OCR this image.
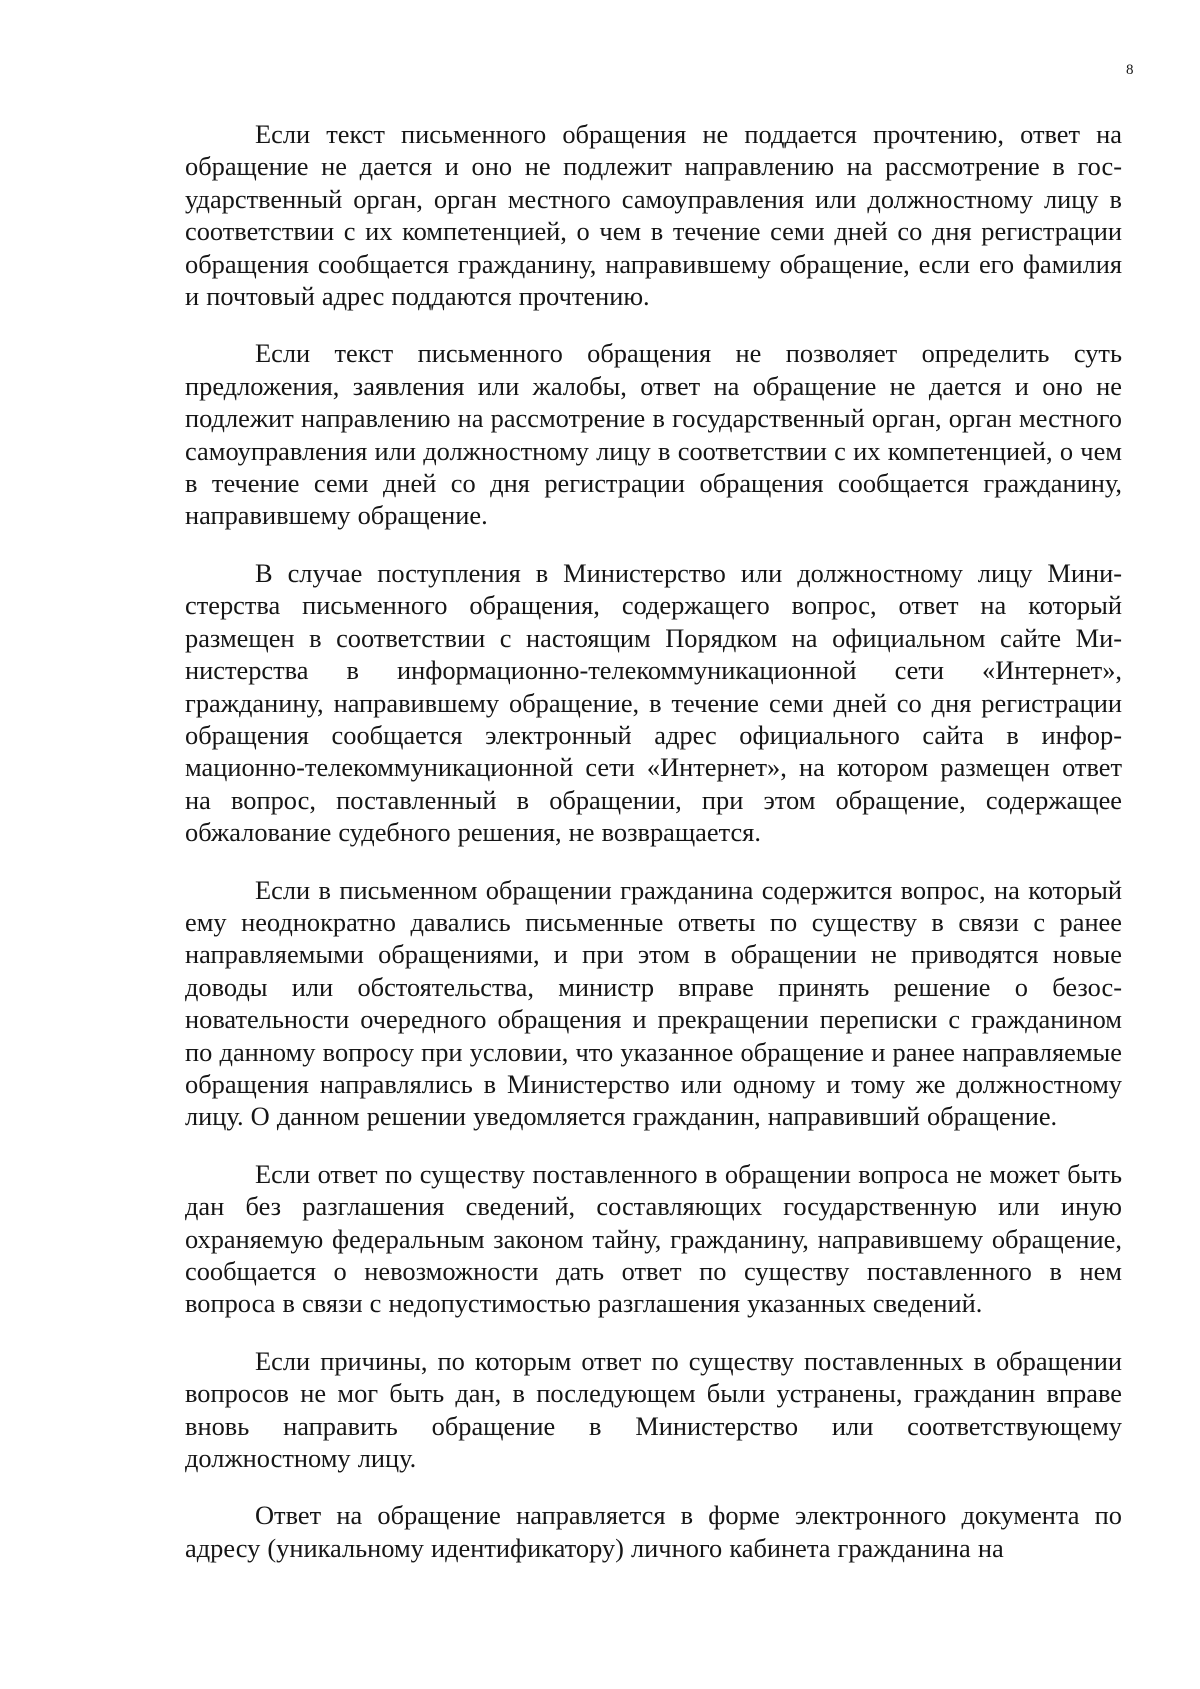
8

Если текст письменного обращения не поддается прочтению, ответ на обращение не дается и оно не подлежит направлению на рассмотрение в государственный орган, орган местного самоуправления или должностному лицу в соответствии с их компетенцией, о чем в течение семи дней со дня регистрации обращения сообщается гражданину, направившему обращение, если его фамилия и почтовый адрес поддаются прочтению.

Если текст письменного обращения не позволяет определить суть предложения, заявления или жалобы, ответ на обращение не дается и оно не подлежит направлению на рассмотрение в государственный орган, орган местного самоуправления или должностному лицу в соответствии с их компетенцией, о чем в течение семи дней со дня регистрации обращения сообщается гражданину, направившему обращение.

В случае поступления в Министерство или должностному лицу Министерства письменного обращения, содержащего вопрос, ответ на который размещен в соответствии с настоящим Порядком на официальном сайте Министерства в информационно-телекоммуникационной сети «Интернет», гражданину, направившему обращение, в течение семи дней со дня регистрации обращения сообщается электронный адрес официального сайта в информационно-телекоммуникационной сети «Интернет», на котором размещен ответ на вопрос, поставленный в обращении, при этом обращение, содержащее обжалование судебного решения, не возвращается.

Если в письменном обращении гражданина содержится вопрос, на который ему неоднократно давались письменные ответы по существу в связи с ранее направляемыми обращениями, и при этом в обращении не приводятся новые доводы или обстоятельства, министр вправе принять решение о безосновательности очередного обращения и прекращении переписки с гражданином по данному вопросу при условии, что указанное обращение и ранее направляемые обращения направлялись в Министерство или одному и тому же должностному лицу. О данном решении уведомляется гражданин, направивший обращение.

Если ответ по существу поставленного в обращении вопроса не может быть дан без разглашения сведений, составляющих государственную или иную охраняемую федеральным законом тайну, гражданину, направившему обращение, сообщается о невозможности дать ответ по существу поставленного в нем вопроса в связи с недопустимостью разглашения указанных сведений.

Если причины, по которым ответ по существу поставленных в обращении вопросов не мог быть дан, в последующем были устранены, гражданин вправе вновь направить обращение в Министерство или соответствующему должностному лицу.

Ответ на обращение направляется в форме электронного документа по адресу (уникальному идентификатору) личного кабинета гражданина на
